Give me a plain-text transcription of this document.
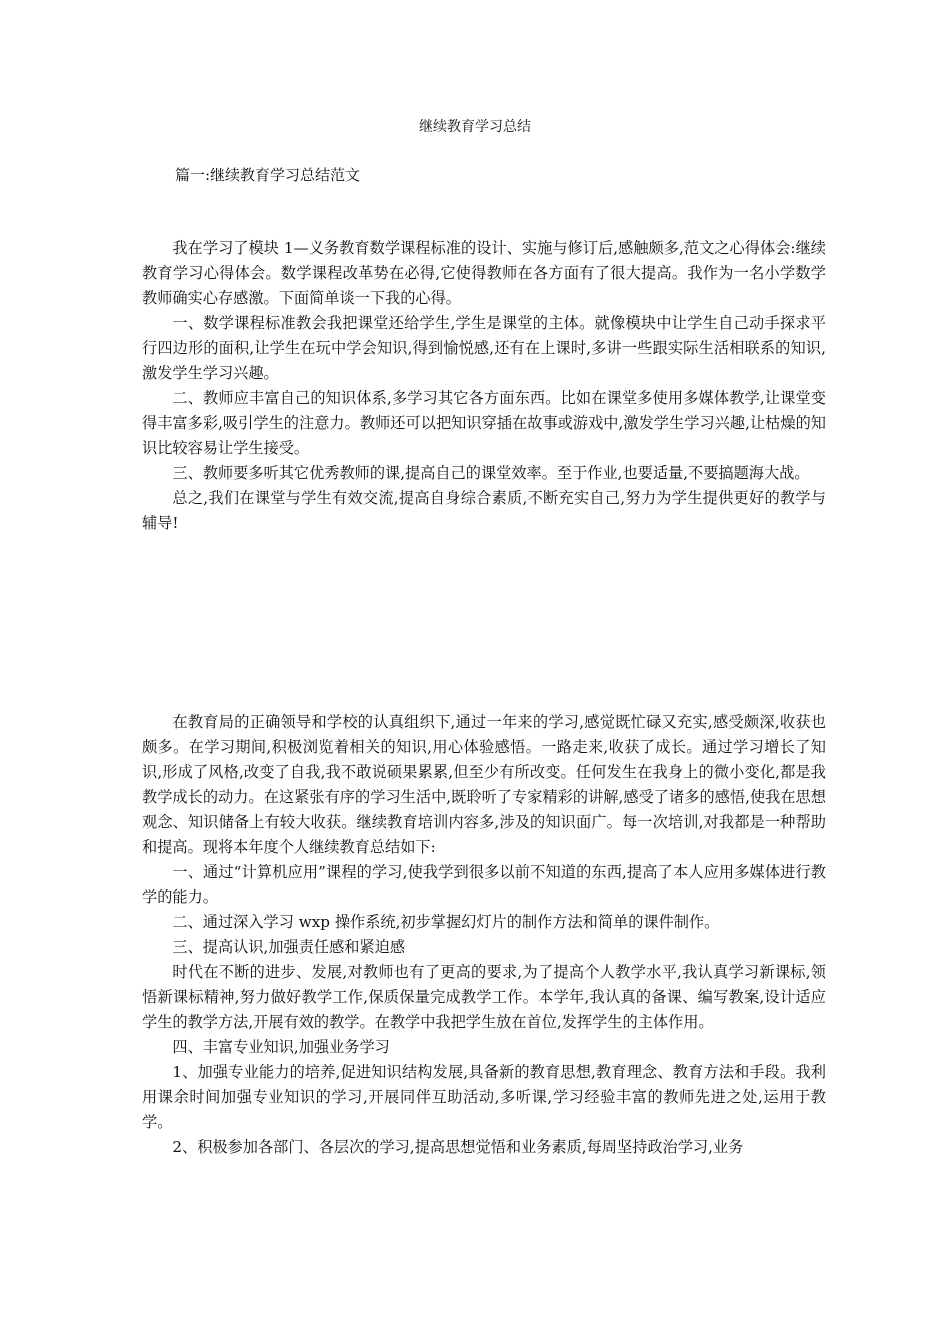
继续教育学习总结
篇一:继续教育学习总结范文

我在学习了模块 1—义务教育数学课程标准的设计、实施与修订后,感触颇多,范文之心得体会:继续教育学习心得体会。数学课程改革势在必得,它使得教师在各方面有了很大提高。我作为一名小学数学教师确实心存感激。下面简单谈一下我的心得。

一、数学课程标准教会我把课堂还给学生,学生是课堂的主体。就像模块中让学生自己动手探求平行四边形的面积,让学生在玩中学会知识,得到愉悦感,还有在上课时,多讲一些跟实际生活相联系的知识,激发学生学习兴趣。

二、教师应丰富自己的知识体系,多学习其它各方面东西。比如在课堂多使用多媒体教学,让课堂变得丰富多彩,吸引学生的注意力。教师还可以把知识穿插在故事或游戏中,激发学生学习兴趣,让枯燥的知识比较容易让学生接受。

三、教师要多听其它优秀教师的课,提高自己的课堂效率。至于作业,也要适量,不要搞题海大战。

总之,我们在课堂与学生有效交流,提高自身综合素质,不断充实自己,努力为学生提供更好的教学与辅导!

在教育局的正确领导和学校的认真组织下,通过一年来的学习,感觉既忙碌又充实,感受颇深,收获也颇多。在学习期间,积极浏览着相关的知识,用心体验感悟。一路走来,收获了成长。通过学习增长了知识,形成了风格,改变了自我,我不敢说硕果累累,但至少有所改变。任何发生在我身上的微小变化,都是我教学成长的动力。在这紧张有序的学习生活中,既聆听了专家精彩的讲解,感受了诸多的感悟,使我在思想观念、知识储备上有较大收获。继续教育培训内容多,涉及的知识面广。每一次培训,对我都是一种帮助和提高。现将本年度个人继续教育总结如下:

一、通过“计算机应用”课程的学习,使我学到很多以前不知道的东西,提高了本人应用多媒体进行教学的能力。

二、通过深入学习 wxp 操作系统,初步掌握幻灯片的制作方法和简单的课件制作。

三、提高认识,加强责任感和紧迫感

时代在不断的进步、发展,对教师也有了更高的要求,为了提高个人教学水平,我认真学习新课标,领悟新课标精神,努力做好教学工作,保质保量完成教学工作。本学年,我认真的备课、编写教案,设计适应学生的教学方法,开展有效的教学。在教学中我把学生放在首位,发挥学生的主体作用。

四、丰富专业知识,加强业务学习

1、加强专业能力的培养,促进知识结构发展,具备新的教育思想,教育理念、教育方法和手段。我利用课余时间加强专业知识的学习,开展同伴互助活动,多听课,学习经验丰富的教师先进之处,运用于教学。

2、积极参加各部门、各层次的学习,提高思想觉悟和业务素质,每周坚持政治学习,业务
